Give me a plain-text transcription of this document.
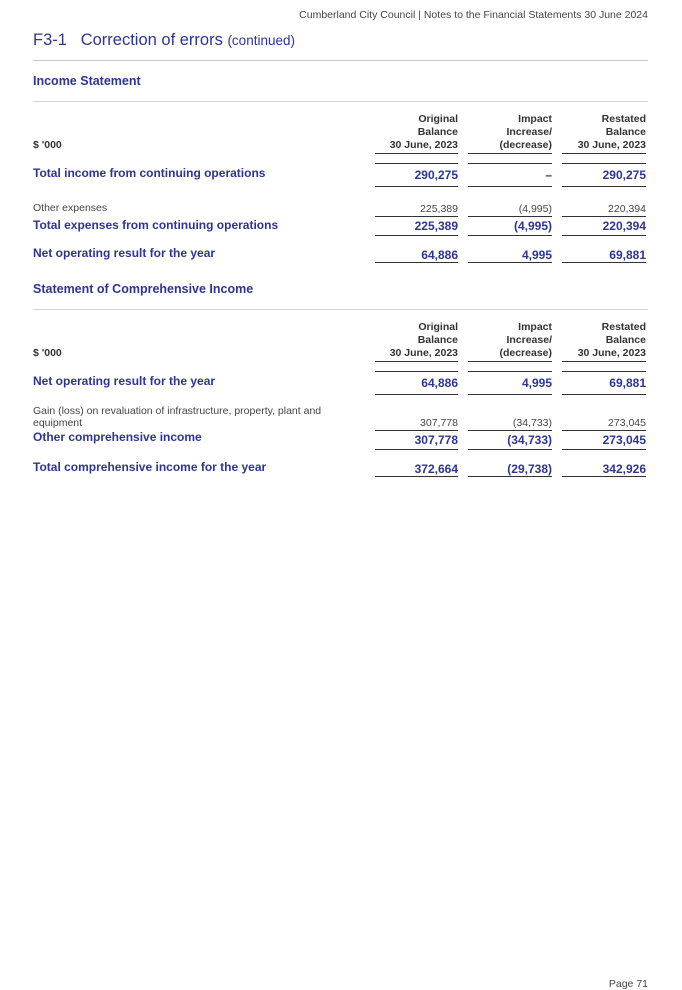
Cumberland City Council | Notes to the Financial Statements 30 June 2024
F3-1 Correction of errors (continued)
Income Statement
$ '000
Original
Balance
30 June, 2023
Impact
Increase/
(decrease)
Restated
Balance
30 June, 2023
Total income from continuing operations	290,275	–	290,275
Other expenses	225,389	(4,995)	220,394
Total expenses from continuing operations	225,389	(4,995)	220,394
Net operating result for the year	64,886	4,995	69,881
Statement of Comprehensive Income
$ '000
Original
Balance
30 June, 2023
Impact
Increase/
(decrease)
Restated
Balance
30 June, 2023
Net operating result for the year	64,886	4,995	69,881
Gain (loss) on revaluation of infrastructure, property, plant and
equipment	307,778	(34,733)	273,045
Other comprehensive income	307,778	(34,733)	273,045
Total comprehensive income for the year	372,664	(29,738)	342,926
Page 71
